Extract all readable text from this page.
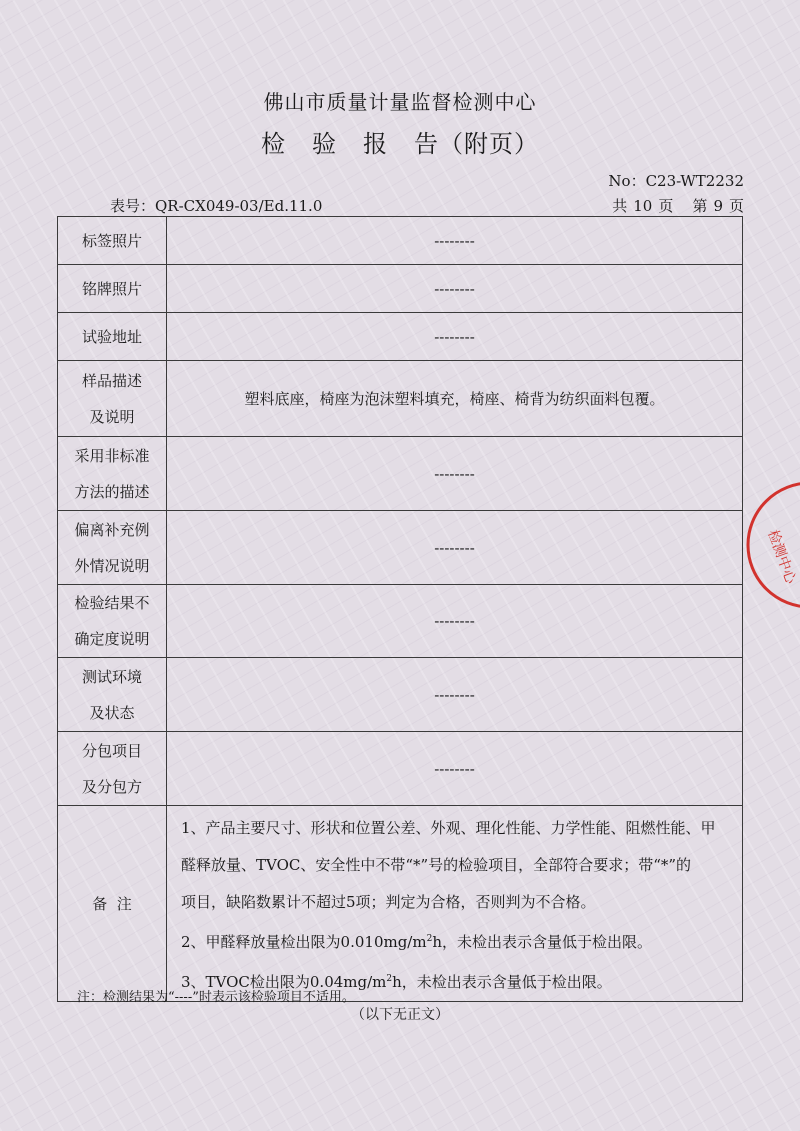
佛山市质量计量监督检测中心
检 验 报 告（附页）
No：C23-WT2232
表号：QR-CX049-03/Ed.11.0	共 10 页 第 9 页
标签照片	--------
铭牌照片	--------
试验地址	--------
样品描述
及说明	塑料底座，椅座为泡沫塑料填充，椅座、椅背为纺织面料包覆。
采用非标准
方法的描述	--------
偏离补充例
外情况说明	--------
检验结果不
确定度说明	--------
测试环境
及状态	--------
分包项目
及分包方	--------
备  注	1、产品主要尺寸、形状和位置公差、外观、理化性能、力学性能、阻燃性能、甲

醛释放量、TVOC、安全性中不带“*”号的检验项目，全部符合要求；带“*”的

项目，缺陷数累计不超过5项；判定为合格，否则判为不合格。

2、甲醛释放量检出限为$0.010mg/m^2h$，未检出表示含量低于检出限。

3、TVOC检出限为$0.04mg/m^2h$，未检出表示含量低于检出限。

注：检测结果为“----”时表示该检验项目不适用。
（以下无正文）
检测中心
